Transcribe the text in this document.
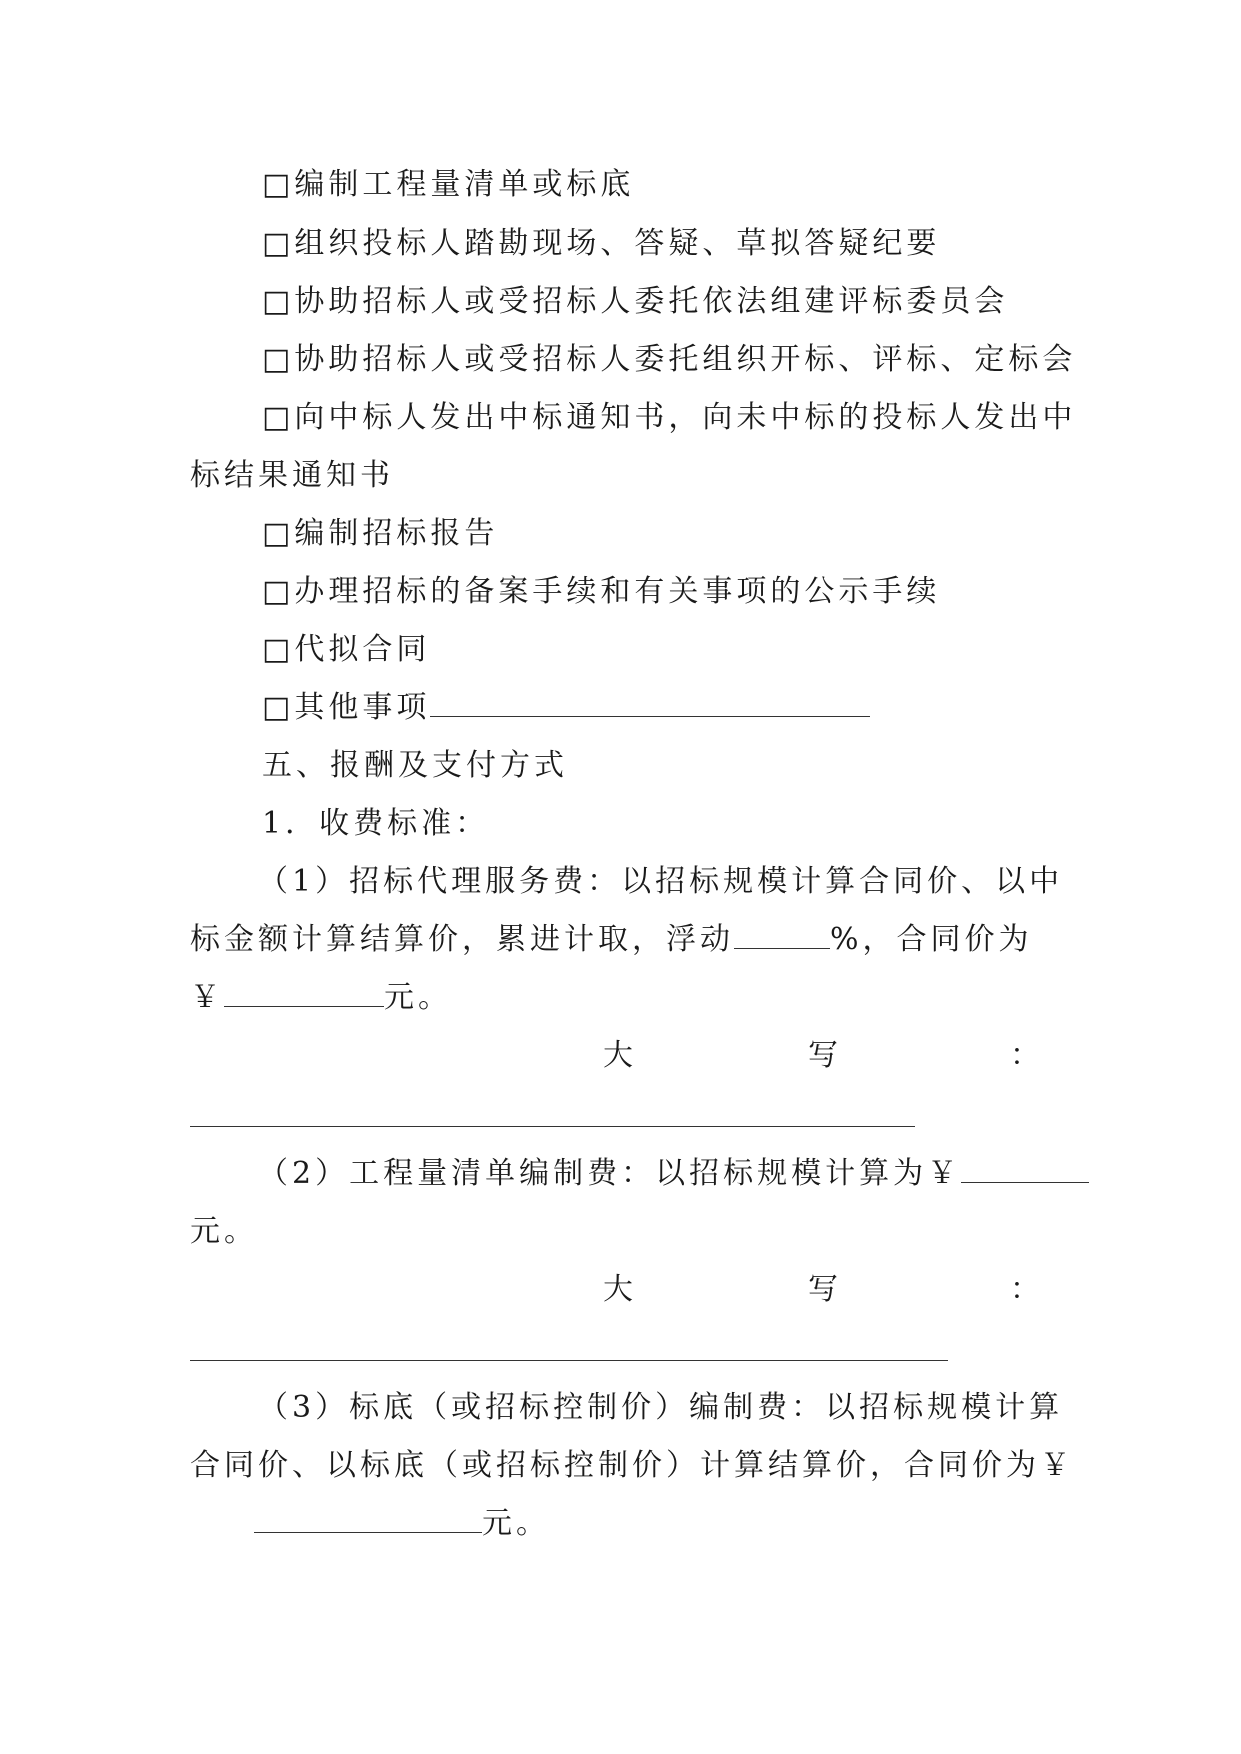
□编制工程量清单或标底
□组织投标人踏勘现场、答疑、草拟答疑纪要
□协助招标人或受招标人委托依法组建评标委员会
□协助招标人或受招标人委托组织开标、评标、定标会
□向中标人发出中标通知书，向未中标的投标人发出中
标结果通知书
□编制招标报告
□办理招标的备案手续和有关事项的公示手续
□代拟合同
□其他事项
五、报酬及支付方式
1．收费标准：
（1）招标代理服务费：以招标规模计算合同价、以中
标金额计算结算价，累进计取，浮动	%，合同价为
￥	元。
大	写	：
（2）工程量清单编制费：以招标规模计算为￥
元。
大	写	：
（3）标底（或招标控制价）编制费：以招标规模计算
合同价、以标底（或招标控制价）计算结算价，合同价为￥
元。
